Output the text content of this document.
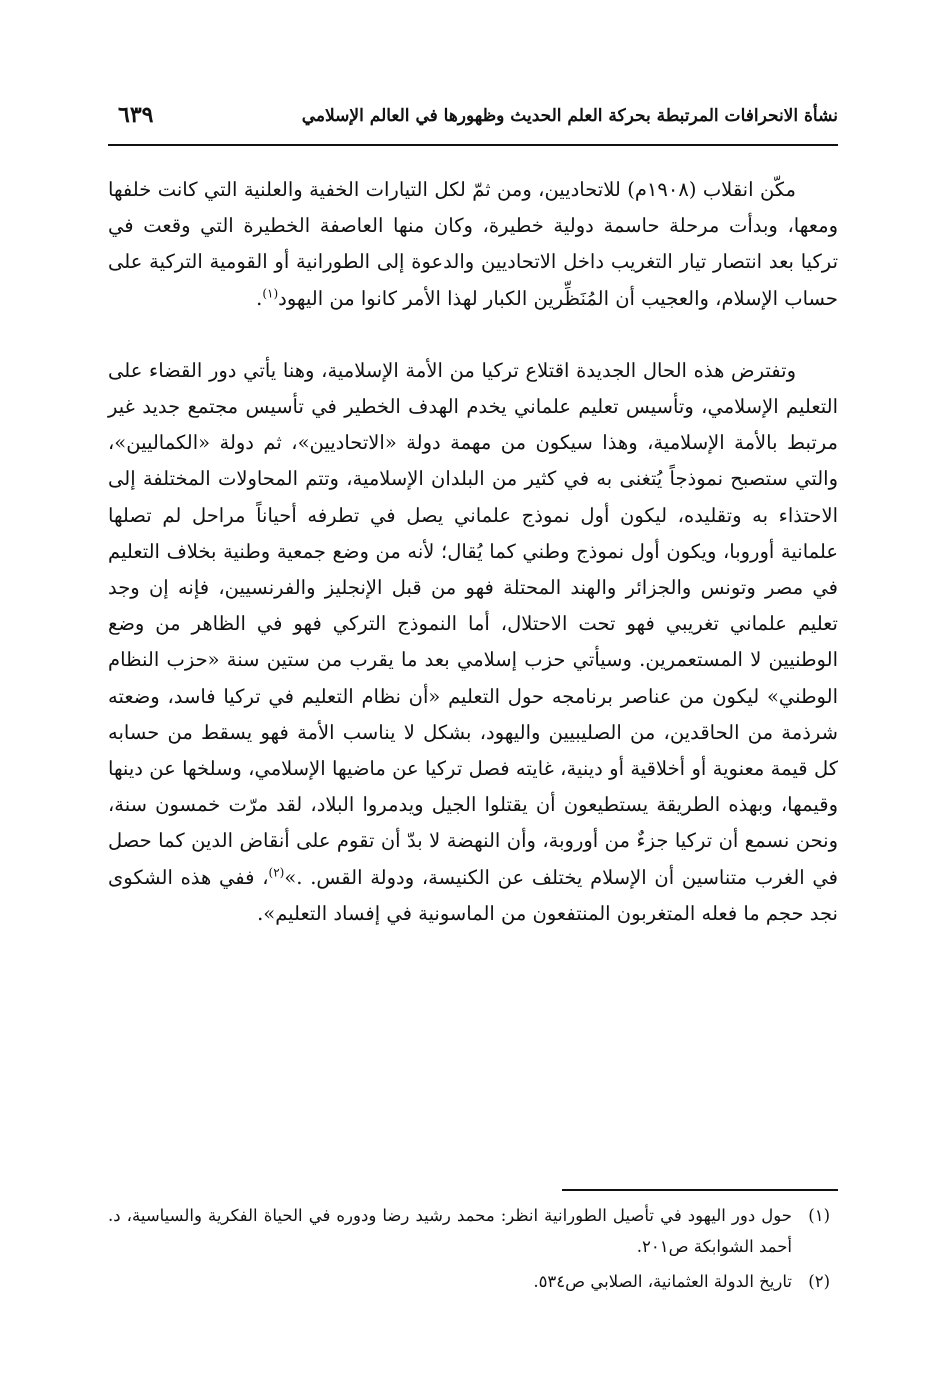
نشأة الانحرافات المرتبطة بحركة العلم الحديث وظهورها في العالم الإسلامي
٦٣٩

مكّن انقلاب (١٩٠٨م) للاتحاديين، ومن ثمّ لكل التيارات الخفية والعلنية التي كانت خلفها ومعها، وبدأت مرحلة حاسمة دولية خطيرة، وكان منها العاصفة الخطيرة التي وقعت في تركيا بعد انتصار تيار التغريب داخل الاتحاديين والدعوة إلى الطورانية أو القومية التركية على حساب الإسلام، والعجيب أن المُنَظِّرين الكبار لهذا الأمر كانوا من اليهود$^{(١)}$.

وتفترض هذه الحال الجديدة اقتلاع تركيا من الأمة الإسلامية، وهنا يأتي دور القضاء على التعليم الإسلامي، وتأسيس تعليم علماني يخدم الهدف الخطير في تأسيس مجتمع جديد غير مرتبط بالأمة الإسلامية، وهذا سيكون من مهمة دولة «الاتحاديين»، ثم دولة «الكماليين»، والتي ستصبح نموذجاً يُتغنى به في كثير من البلدان الإسلامية، وتتم المحاولات المختلفة إلى الاحتذاء به وتقليده، ليكون أول نموذج علماني يصل في تطرفه أحياناً مراحل لم تصلها علمانية أوروبا، ويكون أول نموذج وطني كما يُقال؛ لأنه من وضع جمعية وطنية بخلاف التعليم في مصر وتونس والجزائر والهند المحتلة فهو من قبل الإنجليز والفرنسيين، فإنه إن وجد تعليم علماني تغريبي فهو تحت الاحتلال، أما النموذج التركي فهو في الظاهر من وضع الوطنيين لا المستعمرين. وسيأتي حزب إسلامي بعد ما يقرب من ستين سنة «حزب النظام الوطني» ليكون من عناصر برنامجه حول التعليم «أن نظام التعليم في تركيا فاسد، وضعته شرذمة من الحاقدين، من الصليبيين واليهود، بشكل لا يناسب الأمة فهو يسقط من حسابه كل قيمة معنوية أو أخلاقية أو دينية، غايته فصل تركيا عن ماضيها الإسلامي، وسلخها عن دينها وقيمها، وبهذه الطريقة يستطيعون أن يقتلوا الجيل ويدمروا البلاد، لقد مرّت خمسون سنة، ونحن نسمع أن تركيا جزءٌ من أوروبة، وأن النهضة لا بدّ أن تقوم على أنقاض الدين كما حصل في الغرب متناسين أن الإسلام يختلف عن الكنيسة، ودولة القس. .»$^{(٢)}$، ففي هذه الشكوى نجد حجم ما فعله المتغربون المنتفعون من الماسونية في إفساد التعليم».

(١)
حول دور اليهود في تأصيل الطورانية انظر: محمد رشيد رضا ودوره في الحياة الفكرية والسياسية، د. أحمد الشوابكة ص٢٠١.
(٢)
تاريخ الدولة العثمانية، الصلابي ص٥٣٤.
